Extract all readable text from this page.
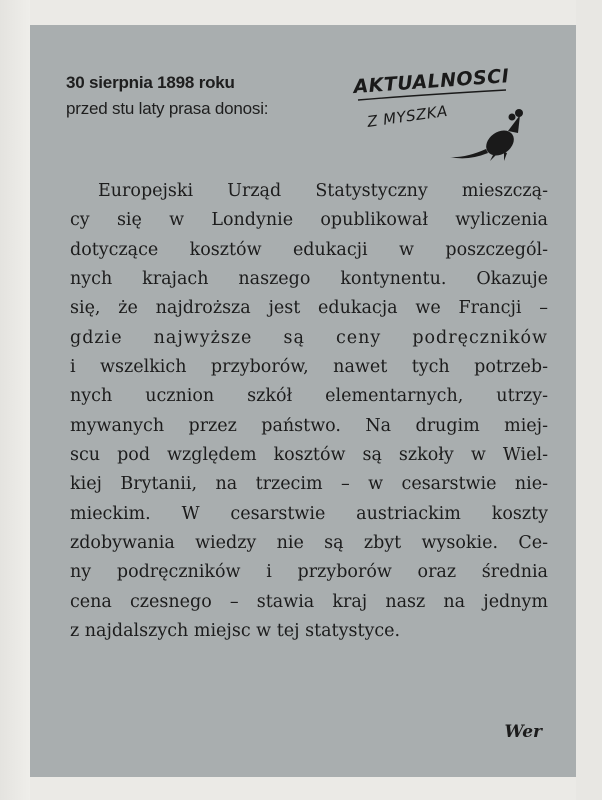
30 sierpnia 1898 roku
przed stu laty prasa donosi:
AKTUALNOSCI
Z MYSZKA
Europejski Urząd Statystyczny mieszczą-
cy się w Londynie opublikował wyliczenia
dotyczące kosztów edukacji w poszczegól-
nych krajach naszego kontynentu. Okazuje
się, że najdroższa jest edukacja we Francji –
gdzie najwyższe są ceny podręczników
i wszelkich przyborów, nawet tych potrzeb-
nych ucznion szkół elementarnych, utrzy-
mywanych przez państwo. Na drugim miej-
scu pod względem kosztów są szkoły w Wiel-
kiej Brytanii, na trzecim – w cesarstwie nie-
mieckim. W cesarstwie austriackim koszty
zdobywania wiedzy nie są zbyt wysokie. Ce-
ny podręczników i przyborów oraz średnia
cena czesnego – stawia kraj nasz na jednym
z najdalszych miejsc w tej statystyce.
Wer
